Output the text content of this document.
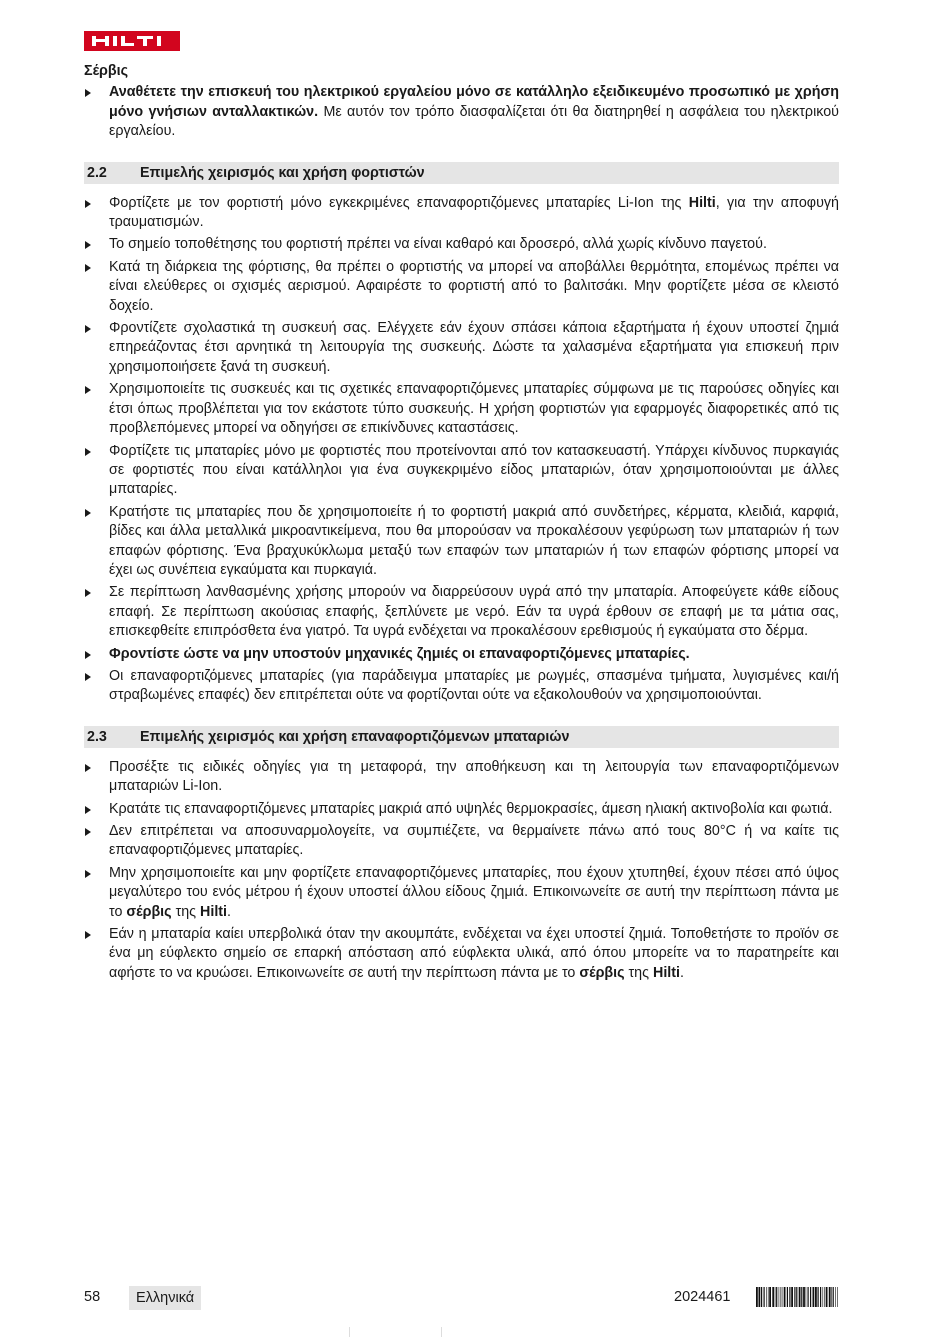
Σέρβις
Αναθέτετε την επισκευή του ηλεκτρικού εργαλείου μόνο σε κατάλληλο εξειδικευμένο προσωπικό με χρήση μόνο γνήσιων ανταλλακτικών. Με αυτόν τον τρόπο διασφαλίζεται ότι θα διατηρηθεί η ασφάλεια του ηλεκτρικού εργαλείου.
2.2 Επιμελής χειρισμός και χρήση φορτιστών
Φορτίζετε με τον φορτιστή μόνο εγκεκριμένες επαναφορτιζόμενες μπαταρίες Li-Ion της Hilti, για την αποφυγή τραυματισμών.
Το σημείο τοποθέτησης του φορτιστή πρέπει να είναι καθαρό και δροσερό, αλλά χωρίς κίνδυνο παγετού.
Κατά τη διάρκεια της φόρτισης, θα πρέπει ο φορτιστής να μπορεί να αποβάλλει θερμότητα, επομένως πρέπει να είναι ελεύθερες οι σχισμές αερισμού. Αφαιρέστε το φορτιστή από το βαλιτσάκι. Μην φορτίζετε μέσα σε κλειστό δοχείο.
Φροντίζετε σχολαστικά τη συσκευή σας. Ελέγχετε εάν έχουν σπάσει κάποια εξαρτήματα ή έχουν υποστεί ζημιά επηρεάζοντας έτσι αρνητικά τη λειτουργία της συσκευής. Δώστε τα χαλασμένα εξαρτήματα για επισκευή πριν χρησιμοποιήσετε ξανά τη συσκευή.
Χρησιμοποιείτε τις συσκευές και τις σχετικές επαναφορτιζόμενες μπαταρίες σύμφωνα με τις παρούσες οδηγίες και έτσι όπως προβλέπεται για τον εκάστοτε τύπο συσκευής. Η χρήση φορτιστών για εφαρμογές διαφορετικές από τις προβλεπόμενες μπορεί να οδηγήσει σε επικίνδυνες καταστάσεις.
Φορτίζετε τις μπαταρίες μόνο με φορτιστές που προτείνονται από τον κατασκευαστή. Υπάρχει κίνδυνος πυρκαγιάς σε φορτιστές που είναι κατάλληλοι για ένα συγκεκριμένο είδος μπαταριών, όταν χρησιμοποιούνται με άλλες μπαταρίες.
Κρατήστε τις μπαταρίες που δε χρησιμοποιείτε ή το φορτιστή μακριά από συνδετήρες, κέρματα, κλειδιά, καρφιά, βίδες και άλλα μεταλλικά μικροαντικείμενα, που θα μπορούσαν να προκαλέσουν γεφύρωση των μπαταριών ή των επαφών φόρτισης. Ένα βραχυκύκλωμα μεταξύ των επαφών των μπαταριών ή των επαφών φόρτισης μπορεί να έχει ως συνέπεια εγκαύματα και πυρκαγιά.
Σε περίπτωση λανθασμένης χρήσης μπορούν να διαρρεύσουν υγρά από την μπαταρία. Αποφεύγετε κάθε είδους επαφή. Σε περίπτωση ακούσιας επαφής, ξεπλύνετε με νερό. Εάν τα υγρά έρθουν σε επαφή με τα μάτια σας, επισκεφθείτε επιπρόσθετα ένα γιατρό. Τα υγρά ενδέχεται να προκαλέσουν ερεθισμούς ή εγκαύματα στο δέρμα.
Φροντίστε ώστε να μην υποστούν μηχανικές ζημιές οι επαναφορτιζόμενες μπαταρίες.
Οι επαναφορτιζόμενες μπαταρίες (για παράδειγμα μπαταρίες με ρωγμές, σπασμένα τμήματα, λυγισμένες και/ή στραβωμένες επαφές) δεν επιτρέπεται ούτε να φορτίζονται ούτε να εξακολουθούν να χρησιμοποιούνται.
2.3 Επιμελής χειρισμός και χρήση επαναφορτιζόμενων μπαταριών
Προσέξτε τις ειδικές οδηγίες για τη μεταφορά, την αποθήκευση και τη λειτουργία των επαναφορτιζόμενων μπαταριών Li-Ion.
Κρατάτε τις επαναφορτιζόμενες μπαταρίες μακριά από υψηλές θερμοκρασίες, άμεση ηλιακή ακτινοβολία και φωτιά.
Δεν επιτρέπεται να αποσυναρμολογείτε, να συμπιέζετε, να θερμαίνετε πάνω από τους 80°C ή να καίτε τις επαναφορτιζόμενες μπαταρίες.
Μην χρησιμοποιείτε και μην φορτίζετε επαναφορτιζόμενες μπαταρίες, που έχουν χτυπηθεί, έχουν πέσει από ύψος μεγαλύτερο του ενός μέτρου ή έχουν υποστεί άλλου είδους ζημιά. Επικοινωνείτε σε αυτή την περίπτωση πάντα με το σέρβις της Hilti.
Εάν η μπαταρία καίει υπερβολικά όταν την ακουμπάτε, ενδέχεται να έχει υποστεί ζημιά. Τοποθετήστε το προϊόν σε ένα μη εύφλεκτο σημείο σε επαρκή απόσταση από εύφλεκτα υλικά, από όπου μπορείτε να το παρατηρείτε και αφήστε το να κρυώσει. Επικοινωνείτε σε αυτή την περίπτωση πάντα με το σέρβις της Hilti.
58	Ελληνικά	2024461
